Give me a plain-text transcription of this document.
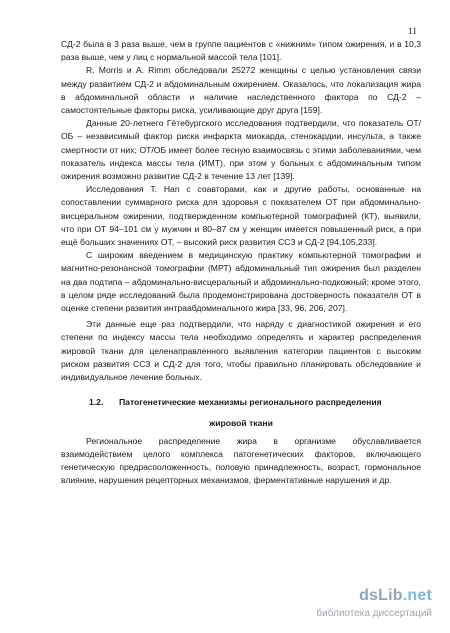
11

СД-2 была в 3 раза выше, чем в группе пациентов с «нижним» типом ожирения, и в 10,3 раза выше, чем у лиц с нормальной массой тела [101].

R. Morris и A. Rimm обследовали 25272 женщины с целью установления связи между развитием СД-2 и абдоминальным ожирением. Оказалось, что локализация жира в абдоминальной области и наличие наследственного фактора по СД-2 – самостоятельные факторы риска, усиливающие друг друга [159].

Данные 20-летнего Гётебургского исследования подтвердили, что показатель ОТ/ОБ – независимый фактор риска инфаркта миокарда, стенокардии, инсульта, а также смертности от них; ОТ/ОБ имеет более тесную взаимосвязь с этими заболеваниями, чем показатель индекса массы тела (ИМТ), при этом у больных с абдоминальным типом ожирения возможно развитие СД-2 в течение 13 лет [139].

Исследования T. Han с соавторами, как и другие работы, основанные на сопоставлении суммарного риска для здоровья с показателем ОТ при абдоминально-висцеральном ожирении, подтвержденном компьютерной томографией (КТ), выявили, что при ОТ 94–101 см у мужчин и 80–87 см у женщин имеется повышенный риск, а при ещё больших значениях ОТ, – высокий риск развития ССЗ и СД-2 [94,105,233].

С широким введением в медицинскую практику компьютерной томографии и магнитно-резонансной томографии (МРТ) абдоминальный тип ожирения был разделен на два подтипа – абдоминально-висцеральный и абдоминально-подкожный; кроме этого, в целом ряде исследований была продемонстрирована достоверность показателя ОТ в оценке степени развития интраабдоминального жира [33, 96, 206, 207].

Эти данные еще раз подтвердили, что наряду с диагностикой ожирения и его степени по индексу массы тела необходимо определять и характер распределения жировой ткани для целенаправленного выявления категории пациентов с высоким риском развития ССЗ и СД-2 для того, чтобы правильно планировать обследование и индивидуальное лечение больных.

1.2. Патогенетические механизмы регионального распределения

жировой ткани

Региональное распределение жира в организме обуславливается взаимодействием целого комплекса патогенетических факторов, включающего генетическую предрасположенность, половую принадлежность, возраст, гормональное влияние, нарушения рецепторных механизмов, ферментативные нарушения и др.

dsLib.net
библиотека диссертаций
